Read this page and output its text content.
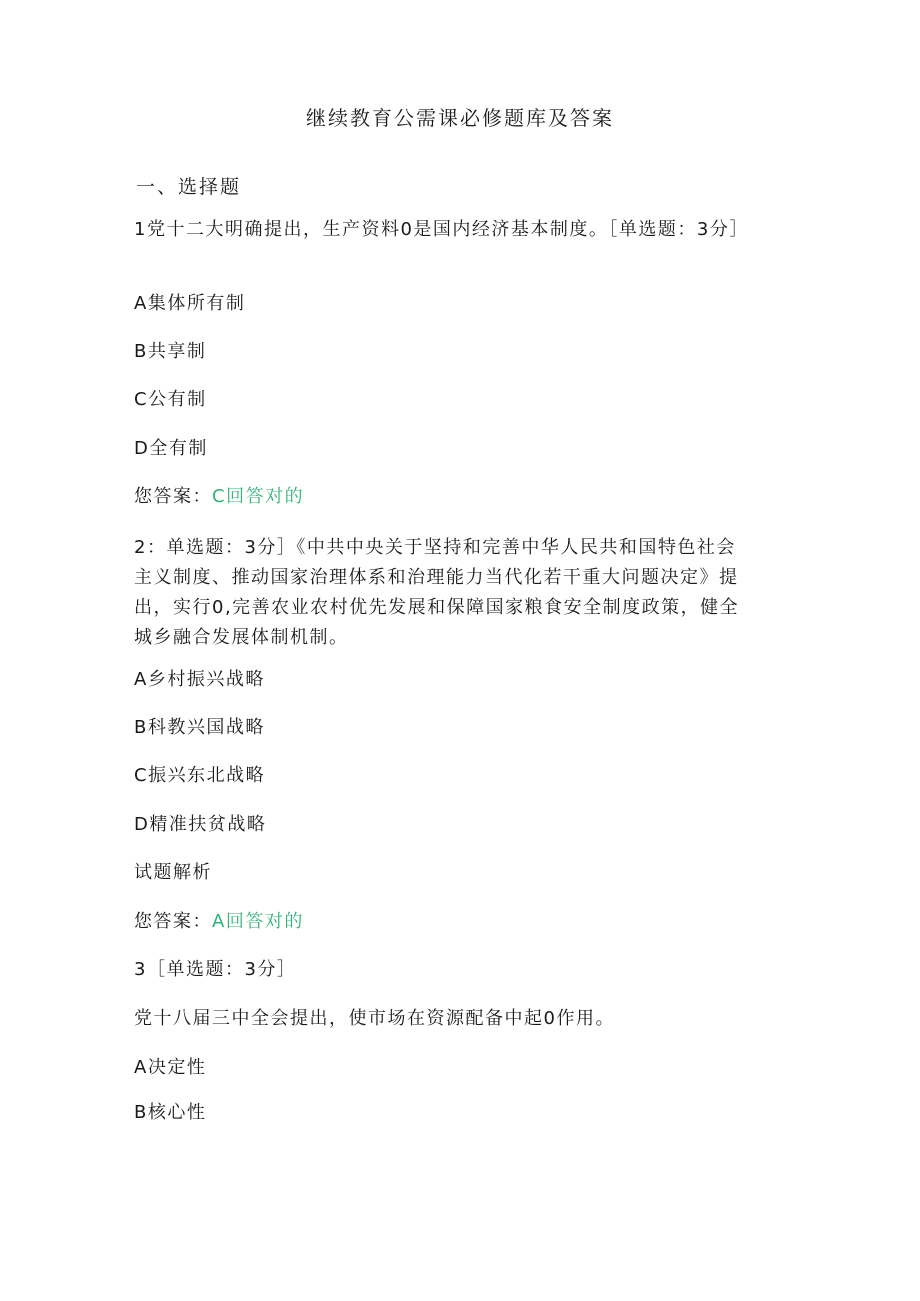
继续教育公需课必修题库及答案
一、选择题
1党十二大明确提出，生产资料0是国内经济基本制度。［单选题：3分］
A集体所有制
B共享制
C公有制
D全有制
您答案：C回答对的
2：单选题：3分］《中共中央关于坚持和完善中华人民共和国特色社会
主义制度、推动国家治理体系和治理能力当代化若干重大问题决定》提
出，实行0,完善农业农村优先发展和保障国家粮食安全制度政策，健全
城乡融合发展体制机制。
A乡村振兴战略
B科教兴国战略
C振兴东北战略
D精准扶贫战略
试题解析
您答案：A回答对的
3［单选题：3分］
党十八届三中全会提出，使市场在资源配备中起0作用。
A决定性
B核心性
